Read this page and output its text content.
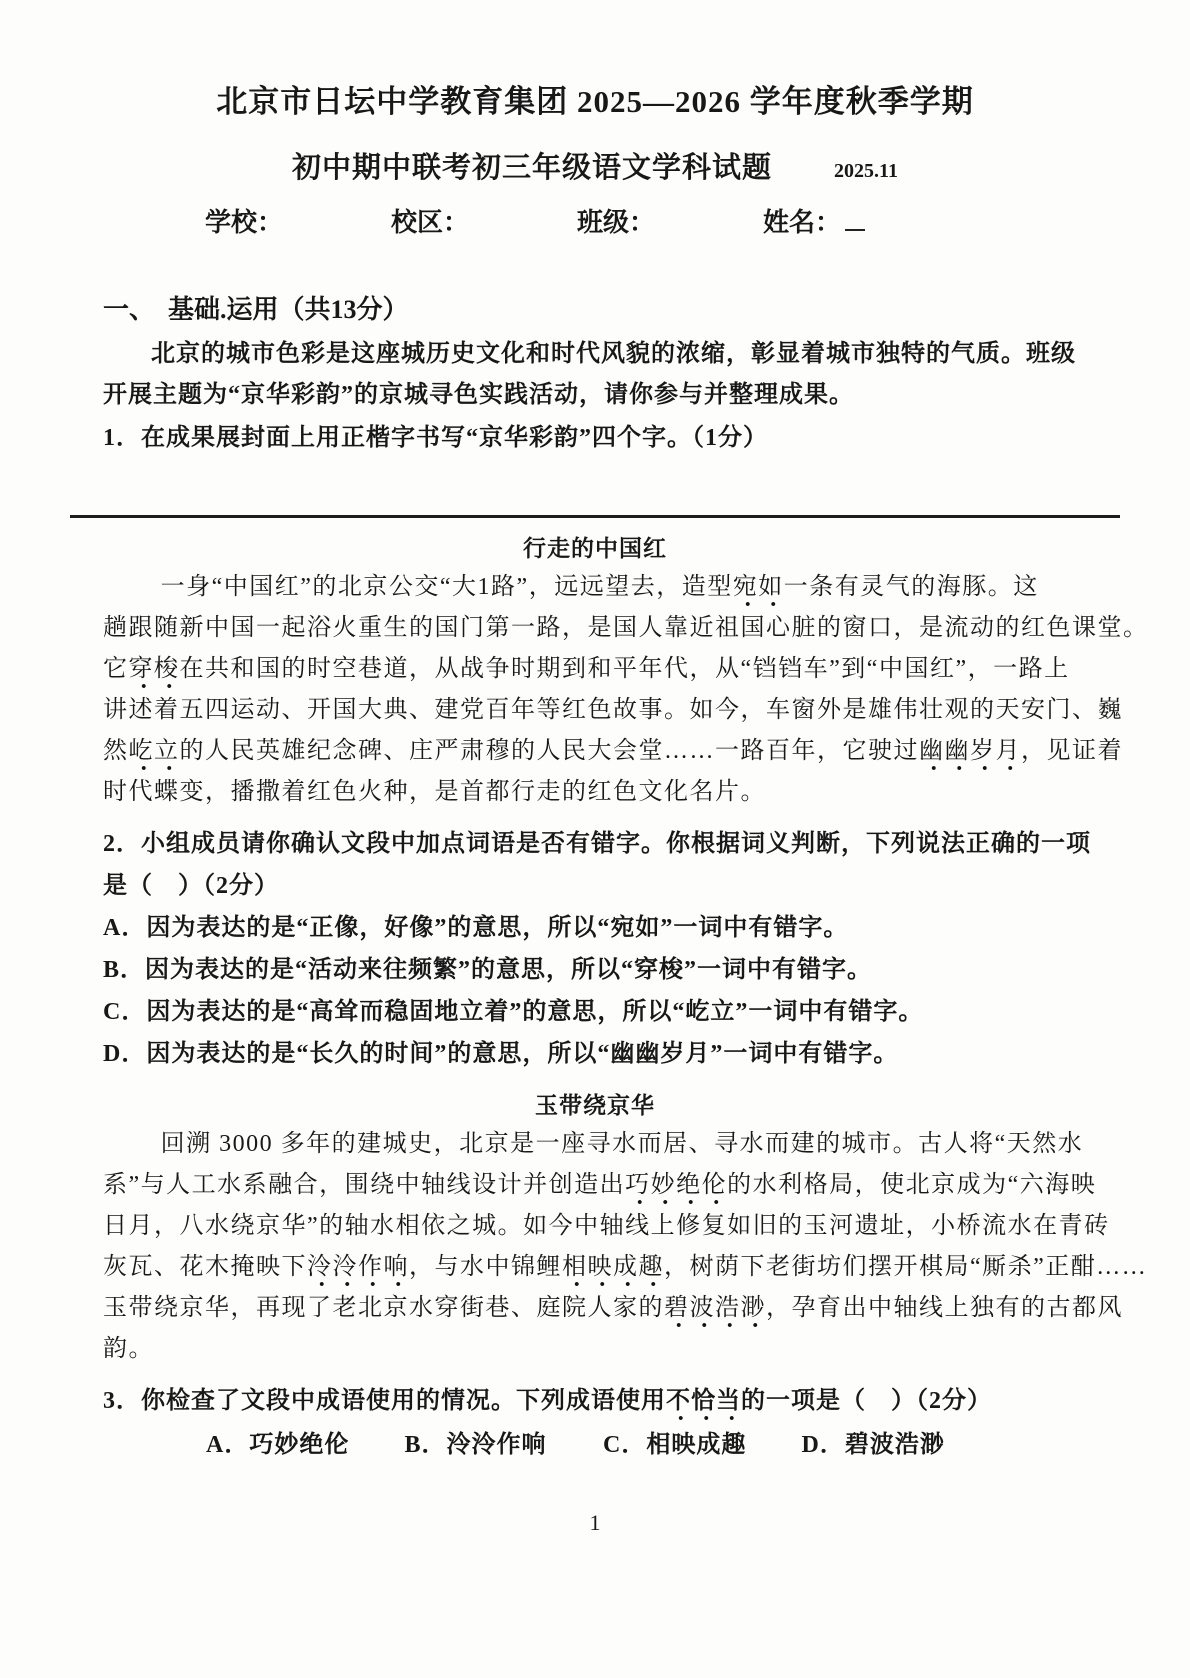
北京市日坛中学教育集团 2025—2026 学年度秋季学期
初中期中联考初三年级语文学科试题	2025.11
学校：	校区：	班级：	姓名：
一、　基础.运用（共13分）
北京的城市色彩是这座城历史文化和时代风貌的浓缩，彰显着城市独特的气质。班级
开展主题为“京华彩韵”的京城寻色实践活动，请你参与并整理成果。
1．在成果展封面上用正楷字书写“京华彩韵”四个字。（1分）
行走的中国红
一身“中国红”的北京公交“大1路”，远远望去，造型宛如一条有灵气的海豚。这
趟跟随新中国一起浴火重生的国门第一路，是国人靠近祖国心脏的窗口，是流动的红色课堂。
它穿梭在共和国的时空巷道，从战争时期到和平年代，从“铛铛车”到“中国红”，一路上
讲述着五四运动、开国大典、建党百年等红色故事。如今，车窗外是雄伟壮观的天安门、巍
然屹立的人民英雄纪念碑、庄严肃穆的人民大会堂……一路百年，它驶过幽幽岁月，见证着
时代蝶变，播撒着红色火种，是首都行走的红色文化名片。
2．小组成员请你确认文段中加点词语是否有错字。你根据词义判断，下列说法正确的一项
是（　）（2分）
A．因为表达的是“正像，好像”的意思，所以“宛如”一词中有错字。
B．因为表达的是“活动来往频繁”的意思，所以“穿梭”一词中有错字。
C．因为表达的是“高耸而稳固地立着”的意思，所以“屹立”一词中有错字。
D．因为表达的是“长久的时间”的意思，所以“幽幽岁月”一词中有错字。
玉带绕京华
回溯 3000 多年的建城史，北京是一座寻水而居、寻水而建的城市。古人将“天然水
系”与人工水系融合，围绕中轴线设计并创造出巧妙绝伦的水利格局，使北京成为“六海映
日月，八水绕京华”的轴水相依之城。如今中轴线上修复如旧的玉河遗址，小桥流水在青砖
灰瓦、花木掩映下泠泠作响，与水中锦鲤相映成趣，树荫下老街坊们摆开棋局“厮杀”正酣……
玉带绕京华，再现了老北京水穿街巷、庭院人家的碧波浩渺，孕育出中轴线上独有的古都风
韵。
3．你检查了文段中成语使用的情况。下列成语使用不恰当的一项是（　）（2分）
A．巧妙绝伦	B．泠泠作响	C．相映成趣	D．碧波浩渺
1
